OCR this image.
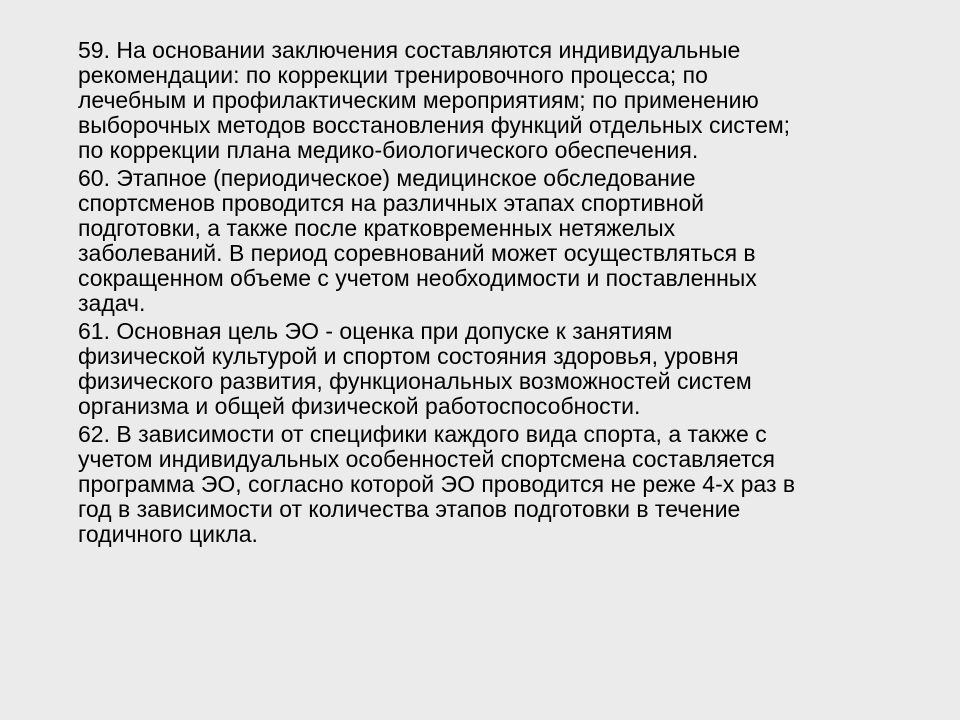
59. На основании заключения составляются индивидуальные
рекомендации: по коррекции тренировочного процесса; по
лечебным и профилактическим мероприятиям; по применению
выборочных методов восстановления функций отдельных систем;
по коррекции плана медико-биологического обеспечения.

60. Этапное (периодическое) медицинское обследование
спортсменов проводится на различных этапах спортивной
подготовки, а также после кратковременных нетяжелых
заболеваний. В период соревнований может осуществляться в
сокращенном объеме с учетом необходимости и поставленных
задач.

61. Основная цель ЭО - оценка при допуске к занятиям
физической культурой и спортом состояния здоровья, уровня
физического развития, функциональных возможностей систем
организма и общей физической работоспособности.

62. В зависимости от специфики каждого вида спорта, а также с
учетом индивидуальных особенностей спортсмена составляется
программа ЭО, согласно которой ЭО проводится не реже 4-х раз в
год в зависимости от количества этапов подготовки в течение
годичного цикла.
